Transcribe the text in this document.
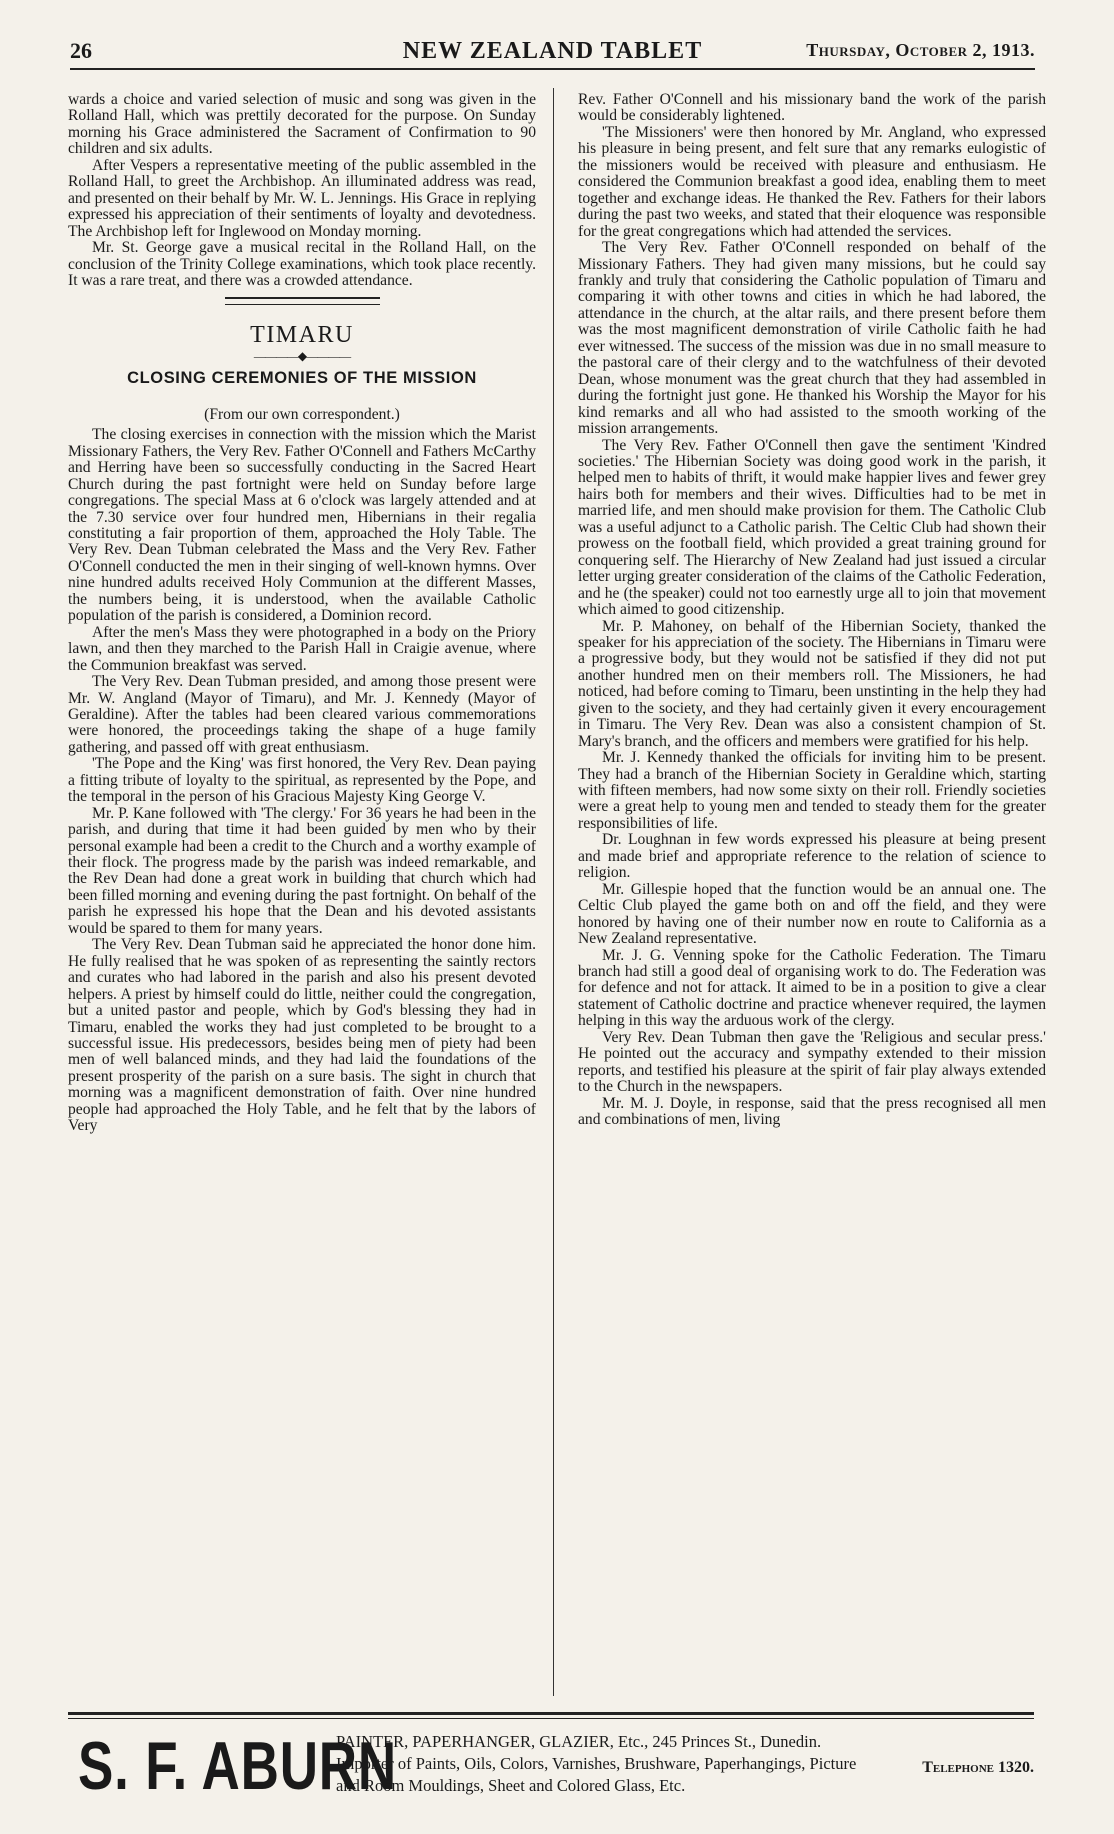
26	NEW ZEALAND TABLET	Thursday, October 2, 1913.

wards a choice and varied selection of music and song was given in the Rolland Hall, which was prettily decorated for the purpose. On Sunday morning his Grace administered the Sacrament of Confirmation to 90 children and six adults.

After Vespers a representative meeting of the public assembled in the Rolland Hall, to greet the Archbishop. An illuminated address was read, and presented on their behalf by Mr. W. L. Jennings. His Grace in replying expressed his appreciation of their sentiments of loyalty and devotedness. The Archbishop left for Inglewood on Monday morning.

Mr. St. George gave a musical recital in the Rolland Hall, on the conclusion of the Trinity College examinations, which took place recently. It was a rare treat, and there was a crowded attendance.

TIMARU
――――◆――――
CLOSING CEREMONIES OF THE MISSION

(From our own correspondent.)

The closing exercises in connection with the mission which the Marist Missionary Fathers, the Very Rev. Father O'Connell and Fathers McCarthy and Herring have been so successfully conducting in the Sacred Heart Church during the past fortnight were held on Sunday before large congregations. The special Mass at 6 o'clock was largely attended and at the 7.30 service over four hundred men, Hibernians in their regalia constituting a fair proportion of them, approached the Holy Table. The Very Rev. Dean Tubman celebrated the Mass and the Very Rev. Father O'Connell conducted the men in their singing of well-known hymns. Over nine hundred adults received Holy Communion at the different Masses, the numbers being, it is understood, when the available Catholic population of the parish is considered, a Dominion record.

After the men's Mass they were photographed in a body on the Priory lawn, and then they marched to the Parish Hall in Craigie avenue, where the Communion breakfast was served.

The Very Rev. Dean Tubman presided, and among those present were Mr. W. Angland (Mayor of Timaru), and Mr. J. Kennedy (Mayor of Geraldine). After the tables had been cleared various commemorations were honored, the proceedings taking the shape of a huge family gathering, and passed off with great enthusiasm.

'The Pope and the King' was first honored, the Very Rev. Dean paying a fitting tribute of loyalty to the spiritual, as represented by the Pope, and the temporal in the person of his Gracious Majesty King George V.

Mr. P. Kane followed with 'The clergy.' For 36 years he had been in the parish, and during that time it had been guided by men who by their personal example had been a credit to the Church and a worthy example of their flock. The progress made by the parish was indeed remarkable, and the Rev Dean had done a great work in building that church which had been filled morning and evening during the past fortnight. On behalf of the parish he expressed his hope that the Dean and his devoted assistants would be spared to them for many years.

The Very Rev. Dean Tubman said he appreciated the honor done him. He fully realised that he was spoken of as representing the saintly rectors and curates who had labored in the parish and also his present devoted helpers. A priest by himself could do little, neither could the congregation, but a united pastor and people, which by God's blessing they had in Timaru, enabled the works they had just completed to be brought to a successful issue. His predecessors, besides being men of piety had been men of well balanced minds, and they had laid the foundations of the present prosperity of the parish on a sure basis. The sight in church that morning was a magnificent demonstration of faith. Over nine hundred people had approached the Holy Table, and he felt that by the labors of Very

Rev. Father O'Connell and his missionary band the work of the parish would be considerably lightened.

'The Missioners' were then honored by Mr. Angland, who expressed his pleasure in being present, and felt sure that any remarks eulogistic of the missioners would be received with pleasure and enthusiasm. He considered the Communion breakfast a good idea, enabling them to meet together and exchange ideas. He thanked the Rev. Fathers for their labors during the past two weeks, and stated that their eloquence was responsible for the great congregations which had attended the services.

The Very Rev. Father O'Connell responded on behalf of the Missionary Fathers. They had given many missions, but he could say frankly and truly that considering the Catholic population of Timaru and comparing it with other towns and cities in which he had labored, the attendance in the church, at the altar rails, and there present before them was the most magnificent demonstration of virile Catholic faith he had ever witnessed. The success of the mission was due in no small measure to the pastoral care of their clergy and to the watchfulness of their devoted Dean, whose monument was the great church that they had assembled in during the fortnight just gone. He thanked his Worship the Mayor for his kind remarks and all who had assisted to the smooth working of the mission arrangements.

The Very Rev. Father O'Connell then gave the sentiment 'Kindred societies.' The Hibernian Society was doing good work in the parish, it helped men to habits of thrift, it would make happier lives and fewer grey hairs both for members and their wives. Difficulties had to be met in married life, and men should make provision for them. The Catholic Club was a useful adjunct to a Catholic parish. The Celtic Club had shown their prowess on the football field, which provided a great training ground for conquering self. The Hierarchy of New Zealand had just issued a circular letter urging greater consideration of the claims of the Catholic Federation, and he (the speaker) could not too earnestly urge all to join that movement which aimed to good citizenship.

Mr. P. Mahoney, on behalf of the Hibernian Society, thanked the speaker for his appreciation of the society. The Hibernians in Timaru were a progressive body, but they would not be satisfied if they did not put another hundred men on their members roll. The Missioners, he had noticed, had before coming to Timaru, been unstinting in the help they had given to the society, and they had certainly given it every encouragement in Timaru. The Very Rev. Dean was also a consistent champion of St. Mary's branch, and the officers and members were gratified for his help.

Mr. J. Kennedy thanked the officials for inviting him to be present. They had a branch of the Hibernian Society in Geraldine which, starting with fifteen members, had now some sixty on their roll. Friendly societies were a great help to young men and tended to steady them for the greater responsibilities of life.

Dr. Loughnan in few words expressed his pleasure at being present and made brief and appropriate reference to the relation of science to religion.

Mr. Gillespie hoped that the function would be an annual one. The Celtic Club played the game both on and off the field, and they were honored by having one of their number now en route to California as a New Zealand representative.

Mr. J. G. Venning spoke for the Catholic Federation. The Timaru branch had still a good deal of organising work to do. The Federation was for defence and not for attack. It aimed to be in a position to give a clear statement of Catholic doctrine and practice whenever required, the laymen helping in this way the arduous work of the clergy.

Very Rev. Dean Tubman then gave the 'Religious and secular press.' He pointed out the accuracy and sympathy extended to their mission reports, and testified his pleasure at the spirit of fair play always extended to the Church in the newspapers.

Mr. M. J. Doyle, in response, said that the press recognised all men and combinations of men, living

S. F. ABURN
PAINTER, PAPERHANGER, GLAZIER, Etc., 245 Princes St., Dunedin.
Importer of Paints, Oils, Colors, Varnishes, Brushware, Paperhangings, Picture
and Room Mouldings, Sheet and Colored Glass, Etc.
Telephone 1320.
